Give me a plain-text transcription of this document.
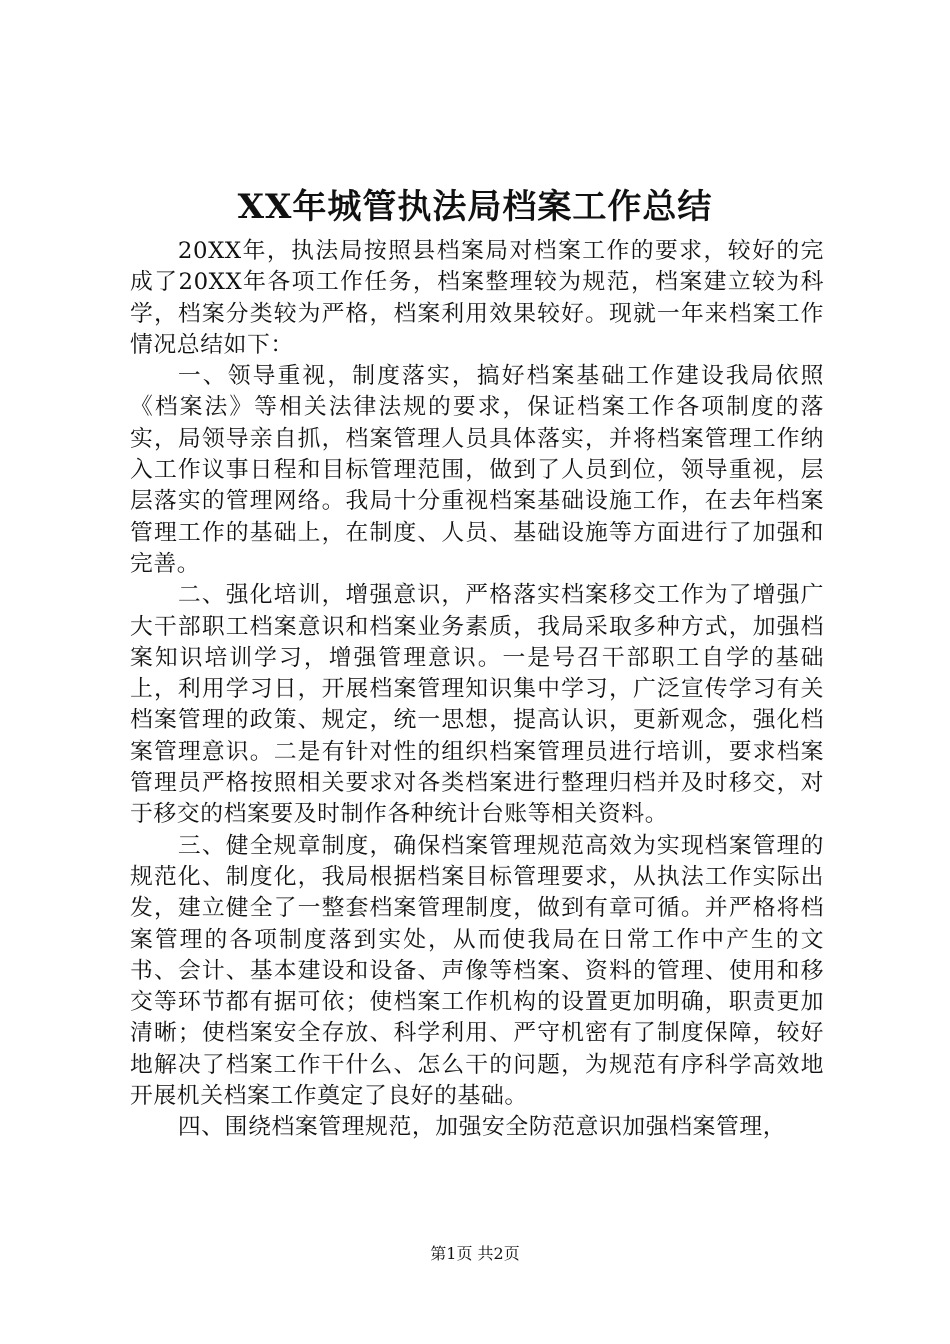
XX年城管执法局档案工作总结

20XX年，执法局按照县档案局对档案工作的要求，较好的完成了20XX年各项工作任务，档案整理较为规范，档案建立较为科学，档案分类较为严格，档案利用效果较好。现就一年来档案工作情况总结如下：

一、领导重视，制度落实，搞好档案基础工作建设我局依照《档案法》等相关法律法规的要求，保证档案工作各项制度的落实，局领导亲自抓，档案管理人员具体落实，并将档案管理工作纳入工作议事日程和目标管理范围，做到了人员到位，领导重视，层层落实的管理网络。我局十分重视档案基础设施工作，在去年档案管理工作的基础上，在制度、人员、基础设施等方面进行了加强和完善。

二、强化培训，增强意识，严格落实档案移交工作为了增强广大干部职工档案意识和档案业务素质，我局采取多种方式，加强档案知识培训学习，增强管理意识。一是号召干部职工自学的基础上，利用学习日，开展档案管理知识集中学习，广泛宣传学习有关档案管理的政策、规定，统一思想，提高认识，更新观念，强化档案管理意识。二是有针对性的组织档案管理员进行培训，要求档案管理员严格按照相关要求对各类档案进行整理归档并及时移交，对于移交的档案要及时制作各种统计台账等相关资料。

三、健全规章制度，确保档案管理规范高效为实现档案管理的规范化、制度化，我局根据档案目标管理要求，从执法工作实际出发，建立健全了一整套档案管理制度，做到有章可循。并严格将档案管理的各项制度落到实处，从而使我局在日常工作中产生的文书、会计、基本建设和设备、声像等档案、资料的管理、使用和移交等环节都有据可依；使档案工作机构的设置更加明确，职责更加清晰；使档案安全存放、科学利用、严守机密有了制度保障，较好地解决了档案工作干什么、怎么干的问题，为规范有序科学高效地开展机关档案工作奠定了良好的基础。

四、围绕档案管理规范，加强安全防范意识加强档案管理，

第1页 共2页
